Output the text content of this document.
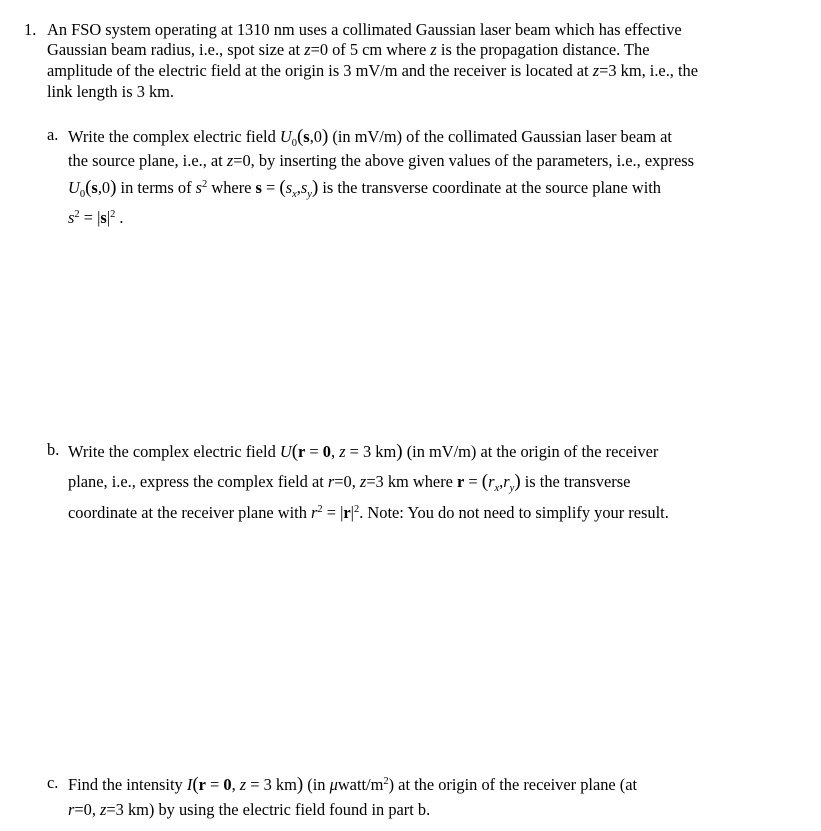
1. An FSO system operating at 1310 nm uses a collimated Gaussian laser beam which has effective
Gaussian beam radius, i.e., spot size at z=0 of 5 cm where z is the propagation distance. The
amplitude of the electric field at the origin is 3 mV/m and the receiver is located at z=3 km, i.e., the
link length is 3 km.
a. Write the complex electric field $U_0(s,0)$ (in mV/m) of the collimated Gaussian laser beam at
the source plane, i.e., at z=0, by inserting the above given values of the parameters, i.e., express
$U_0(s,0)$ in terms of $s^2$ where $s = (s_x,s_y)$ is the transverse coordinate at the source plane with
$s^2 = |s|^2$ .
b. Write the complex electric field U(r = 0, z = 3 km) (in mV/m) at the origin of the receiver
plane, i.e., express the complex field at r=0, z=3 km where $r = (r_x,r_y)$ is the transverse
coordinate at the receiver plane with $r^2 = |r|^2$. Note: You do not need to simplify your result.
c. Find the intensity I(r = 0, z = 3 km) (in μwatt/$m^2$) at the origin of the receiver plane (at
r=0, z=3 km) by using the electric field found in part b.
